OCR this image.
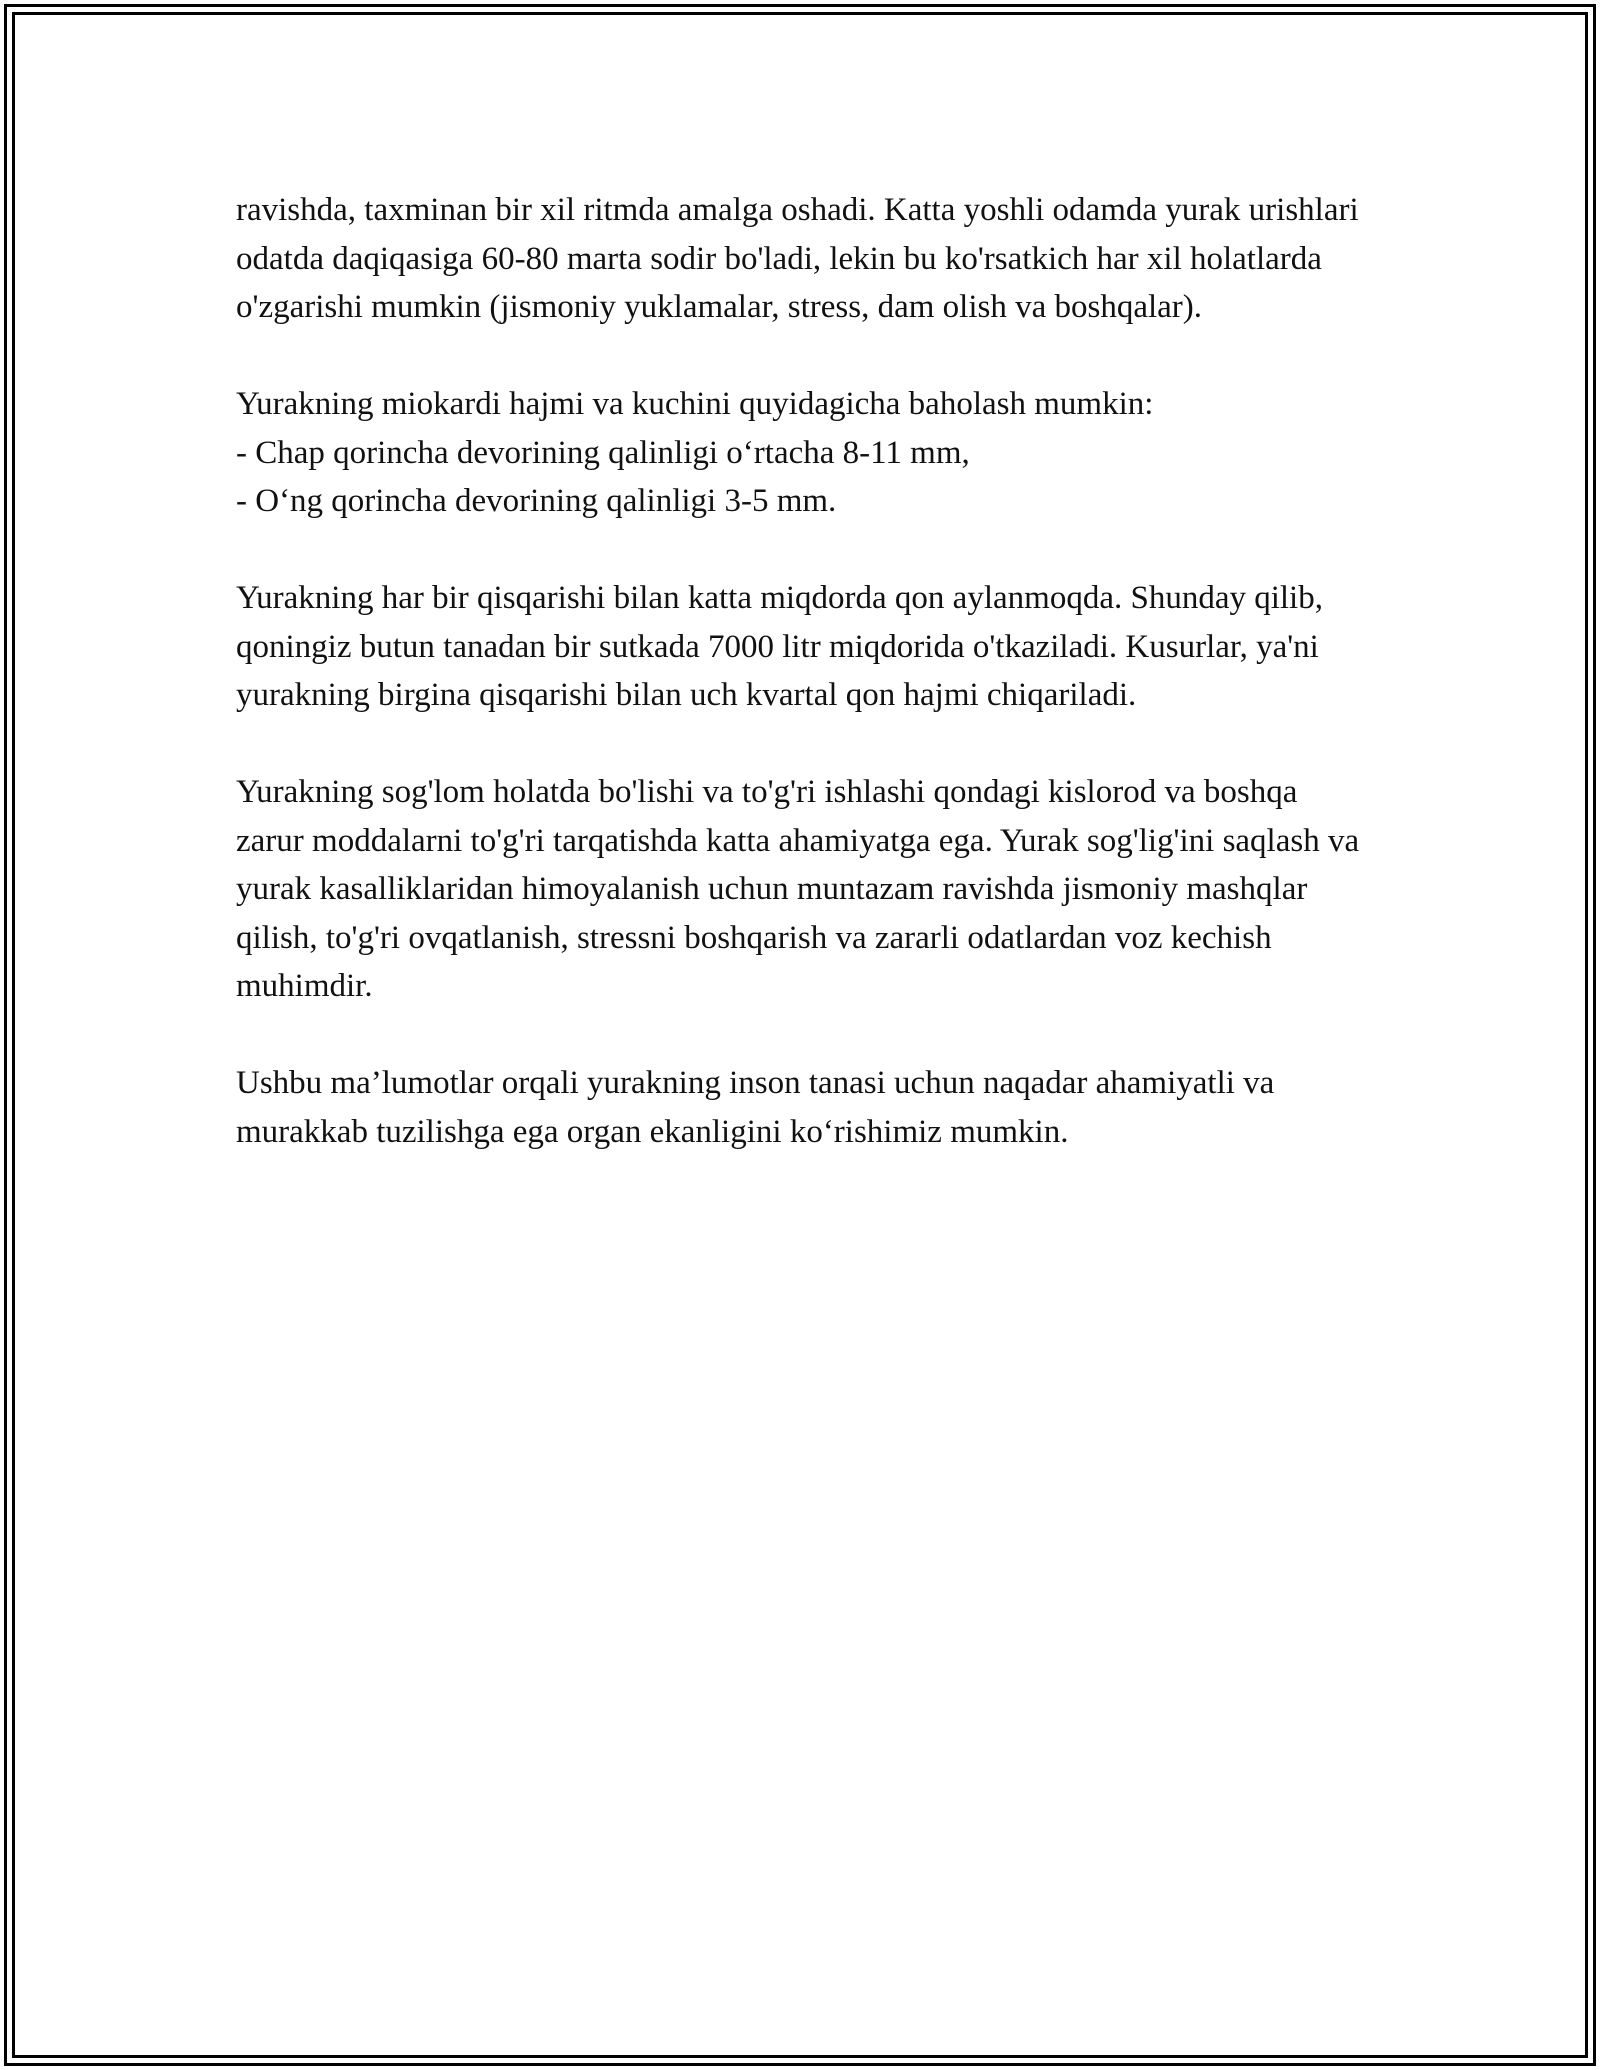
ravishda, taxminan bir xil ritmda amalga oshadi. Katta yoshli odamda yurak urishlari odatda daqiqasiga 60-80 marta sodir bo'ladi, lekin bu ko'rsatkich har xil holatlarda o'zgarishi mumkin (jismoniy yuklamalar, stress, dam olish va boshqalar).

Yurakning miokardi hajmi va kuchini quyidagicha baholash mumkin:
- Chap qorincha devorining qalinligi o‘rtacha 8-11 mm,
- O‘ng qorincha devorining qalinligi 3-5 mm.

Yurakning har bir qisqarishi bilan katta miqdorda qon aylanmoqda. Shunday qilib, qoningiz butun tanadan bir sutkada 7000 litr miqdorida o'tkaziladi. Kusurlar, ya'ni yurakning birgina qisqarishi bilan uch kvartal qon hajmi chiqariladi.

Yurakning sog'lom holatda bo'lishi va to'g'ri ishlashi qondagi kislorod va boshqa zarur moddalarni to'g'ri tarqatishda katta ahamiyatga ega. Yurak sog'lig'ini saqlash va yurak kasalliklaridan himoyalanish uchun muntazam ravishda jismoniy mashqlar qilish, to'g'ri ovqatlanish, stressni boshqarish va zararli odatlardan voz kechish muhimdir.

Ushbu ma’lumotlar orqali yurakning inson tanasi uchun naqadar ahamiyatli va murakkab tuzilishga ega organ ekanligini ko‘rishimiz mumkin.
